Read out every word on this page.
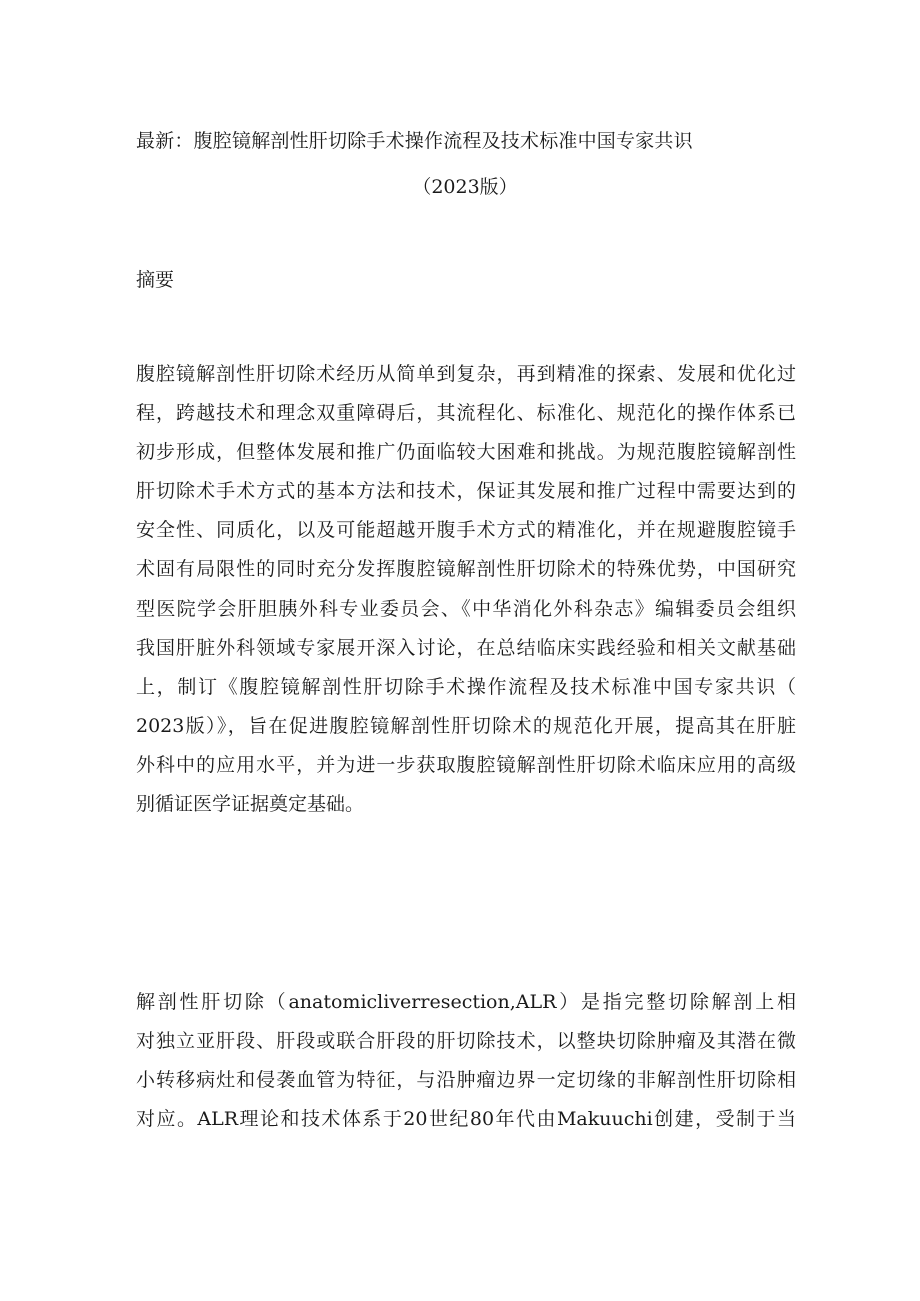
最新：腹腔镜解剖性肝切除手术操作流程及技术标准中国专家共识
（2023版）
摘要
腹腔镜解剖性肝切除术经历从简单到复杂，再到精准的探索、发展和优化过
程，跨越技术和理念双重障碍后，其流程化、标准化、规范化的操作体系已
初步形成，但整体发展和推广仍面临较大困难和挑战。为规范腹腔镜解剖性
肝切除术手术方式的基本方法和技术，保证其发展和推广过程中需要达到的
安全性、同质化，以及可能超越开腹手术方式的精准化，并在规避腹腔镜手
术固有局限性的同时充分发挥腹腔镜解剖性肝切除术的特殊优势，中国研究
型医院学会肝胆胰外科专业委员会、《中华消化外科杂志》编辑委员会组织
我国肝脏外科领域专家展开深入讨论，在总结临床实践经验和相关文献基础
上，制订《腹腔镜解剖性肝切除手术操作流程及技术标准中国专家共识（
2023版）》，旨在促进腹腔镜解剖性肝切除术的规范化开展，提高其在肝脏
外科中的应用水平，并为进一步获取腹腔镜解剖性肝切除术临床应用的高级
别循证医学证据奠定基础。
解剖性肝切除（anatomicliverresection,ALR）是指完整切除解剖上相
对独立亚肝段、肝段或联合肝段的肝切除技术，以整块切除肿瘤及其潜在微
小转移病灶和侵袭血管为特征，与沿肿瘤边界一定切缘的非解剖性肝切除相
对应。ALR理论和技术体系于20世纪80年代由Makuuchi创建，受制于当
